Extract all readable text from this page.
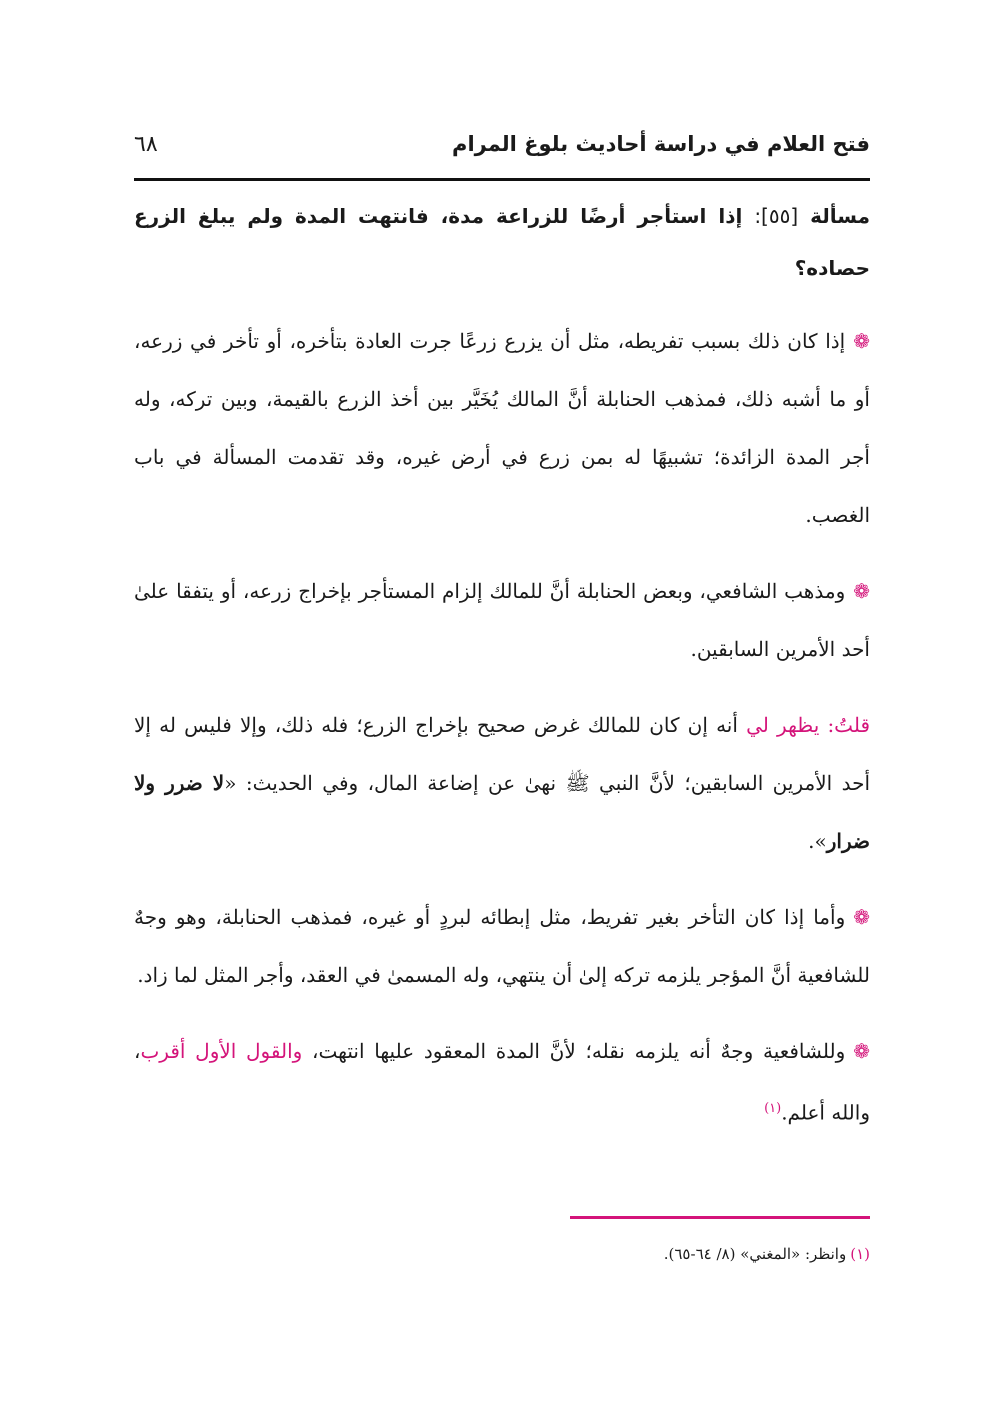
فتح العلام في دراسة أحاديث بلوغ المرام
٦٨

مسألة [٥٥]: إذا استأجر أرضًا للزراعة مدة، فانتهت المدة ولم يبلغ الزرع حصاده؟

❁إذا كان ذلك بسبب تفريطه، مثل أن يزرع زرعًا جرت العادة بتأخره، أو تأخر في زرعه، أو ما أشبه ذلك، فمذهب الحنابلة أنَّ المالك يُخَيَّر بين أخذ الزرع بالقيمة، وبين تركه، وله أجر المدة الزائدة؛ تشبيهًا له بمن زرع في أرض غيره، وقد تقدمت المسألة في باب الغصب.

❁ومذهب الشافعي، وبعض الحنابلة أنَّ للمالك إلزام المستأجر بإخراج زرعه، أو يتفقا علىٰ أحد الأمرين السابقين.

قلتُ: يظهر لي أنه إن كان للمالك غرض صحيح بإخراج الزرع؛ فله ذلك، وإلا فليس له إلا أحد الأمرين السابقين؛ لأنَّ النبي ﷺ نهىٰ عن إضاعة المال، وفي الحديث: «لا ضرر ولا ضرار».

❁وأما إذا كان التأخر بغير تفريط، مثل إبطائه لبردٍ أو غيره، فمذهب الحنابلة، وهو وجهٌ للشافعية أنَّ المؤجر يلزمه تركه إلىٰ أن ينتهي، وله المسمىٰ في العقد، وأجر المثل لما زاد.

❁وللشافعية وجهٌ أنه يلزمه نقله؛ لأنَّ المدة المعقود عليها انتهت، والقول الأول أقرب، والله أعلم.$^{(١)}$

(١)وانظر: «المغني» (٨/ ٦٤-٦٥).
